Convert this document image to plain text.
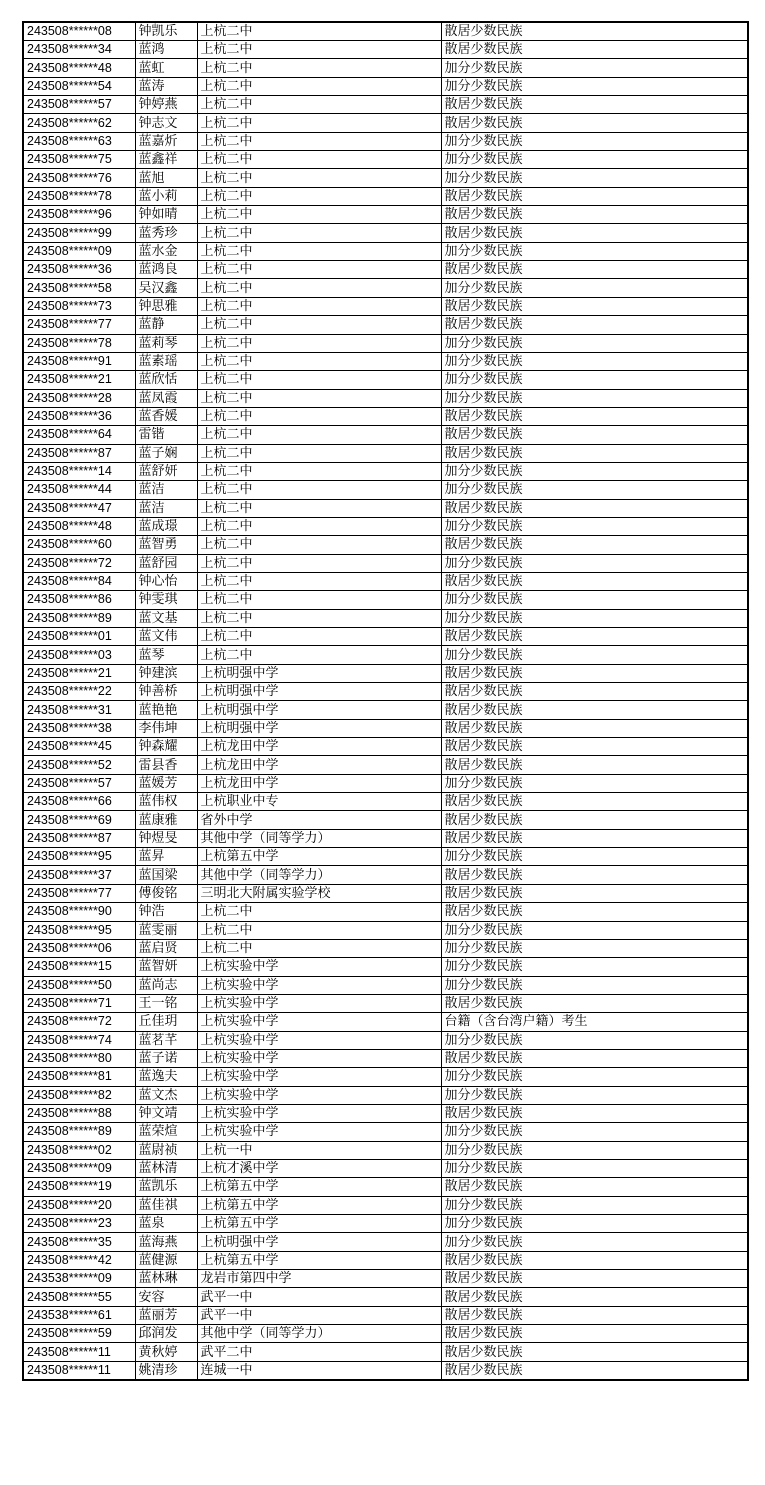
243508******08	钟凯乐	上杭二中	散居少数民族
243508******34	蓝鸿	上杭二中	散居少数民族
243508******48	蓝虹	上杭二中	加分少数民族
243508******54	蓝涛	上杭二中	加分少数民族
243508******57	钟婷燕	上杭二中	散居少数民族
243508******62	钟志文	上杭二中	散居少数民族
243508******63	蓝嘉炘	上杭二中	加分少数民族
243508******75	蓝鑫祥	上杭二中	加分少数民族
243508******76	蓝旭	上杭二中	加分少数民族
243508******78	蓝小莉	上杭二中	散居少数民族
243508******96	钟如晴	上杭二中	散居少数民族
243508******99	蓝秀珍	上杭二中	散居少数民族
243508******09	蓝水金	上杭二中	加分少数民族
243508******36	蓝鸿良	上杭二中	散居少数民族
243508******58	吴汉鑫	上杭二中	加分少数民族
243508******73	钟思雅	上杭二中	散居少数民族
243508******77	蓝静	上杭二中	散居少数民族
243508******78	蓝莉琴	上杭二中	加分少数民族
243508******91	蓝素瑶	上杭二中	加分少数民族
243508******21	蓝欣恬	上杭二中	加分少数民族
243508******28	蓝凤霞	上杭二中	加分少数民族
243508******36	蓝香媛	上杭二中	散居少数民族
243508******64	雷锴	上杭二中	散居少数民族
243508******87	蓝子娴	上杭二中	散居少数民族
243508******14	蓝舒妍	上杭二中	加分少数民族
243508******44	蓝洁	上杭二中	加分少数民族
243508******47	蓝洁	上杭二中	散居少数民族
243508******48	蓝成璟	上杭二中	加分少数民族
243508******60	蓝智勇	上杭二中	散居少数民族
243508******72	蓝舒园	上杭二中	加分少数民族
243508******84	钟心怡	上杭二中	散居少数民族
243508******86	钟雯琪	上杭二中	加分少数民族
243508******89	蓝文基	上杭二中	加分少数民族
243508******01	蓝文伟	上杭二中	散居少数民族
243508******03	蓝琴	上杭二中	加分少数民族
243508******21	钟建滨	上杭明强中学	散居少数民族
243508******22	钟善桥	上杭明强中学	散居少数民族
243508******31	蓝艳艳	上杭明强中学	散居少数民族
243508******38	李伟坤	上杭明强中学	散居少数民族
243508******45	钟森耀	上杭龙田中学	散居少数民族
243508******52	雷县香	上杭龙田中学	散居少数民族
243508******57	蓝媛芳	上杭龙田中学	加分少数民族
243508******66	蓝伟权	上杭职业中专	散居少数民族
243508******69	蓝康雅	省外中学	散居少数民族
243508******87	钟煜旻	其他中学（同等学力）	散居少数民族
243508******95	蓝昇	上杭第五中学	加分少数民族
243508******37	蓝国梁	其他中学（同等学力）	散居少数民族
243508******77	傅俊铭	三明北大附属实验学校	散居少数民族
243508******90	钟浩	上杭二中	散居少数民族
243508******95	蓝雯丽	上杭二中	加分少数民族
243508******06	蓝启贤	上杭二中	加分少数民族
243508******15	蓝智妍	上杭实验中学	加分少数民族
243508******50	蓝尚志	上杭实验中学	加分少数民族
243508******71	王一铭	上杭实验中学	散居少数民族
243508******72	丘佳玥	上杭实验中学	台籍（含台湾户籍）考生
243508******74	蓝茗芊	上杭实验中学	加分少数民族
243508******80	蓝子诺	上杭实验中学	散居少数民族
243508******81	蓝逸夫	上杭实验中学	加分少数民族
243508******82	蓝文杰	上杭实验中学	加分少数民族
243508******88	钟文靖	上杭实验中学	散居少数民族
243508******89	蓝荣煊	上杭实验中学	加分少数民族
243508******02	蓝尉祯	上杭一中	加分少数民族
243508******09	蓝林清	上杭才溪中学	加分少数民族
243508******19	蓝凯乐	上杭第五中学	散居少数民族
243508******20	蓝佳祺	上杭第五中学	加分少数民族
243508******23	蓝泉	上杭第五中学	加分少数民族
243508******35	蓝海燕	上杭明强中学	加分少数民族
243508******42	蓝健源	上杭第五中学	散居少数民族
243538******09	蓝林琳	龙岩市第四中学	散居少数民族
243508******55	安容	武平一中	散居少数民族
243538******61	蓝丽芳	武平一中	散居少数民族
243508******59	邱润发	其他中学（同等学力）	散居少数民族
243508******11	黄秋婷	武平二中	散居少数民族
243508******11	姚清珍	连城一中	散居少数民族
